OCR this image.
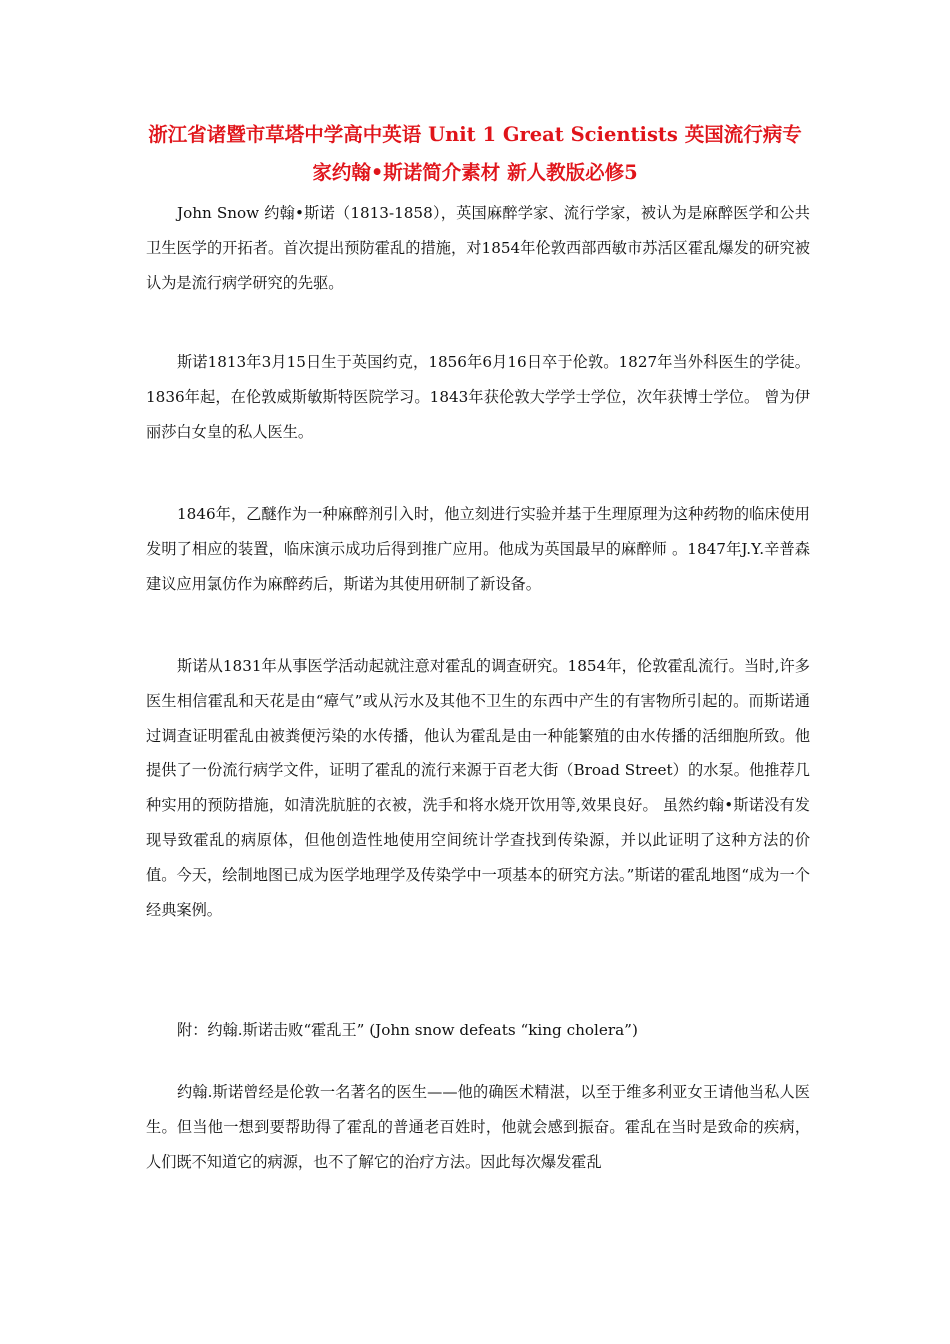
浙江省诸暨市草塔中学高中英语 Unit 1 Great Scientists 英国流行病专家约翰•斯诺简介素材 新人教版必修5

John Snow 约翰•斯诺（1813-1858），英国麻醉学家、流行学家，被认为是麻醉医学和公共卫生医学的开拓者。首次提出预防霍乱的措施，对1854年伦敦西部西敏市苏活区霍乱爆发的研究被认为是流行病学研究的先驱。

斯诺1813年3月15日生于英国约克，1856年6月16日卒于伦敦。1827年当外科医生的学徒。1836年起，在伦敦威斯敏斯特医院学习。1843年获伦敦大学学士学位，次年获博士学位。 曾为伊丽莎白女皇的私人医生。

1846年，乙醚作为一种麻醉剂引入时，他立刻进行实验并基于生理原理为这种药物的临床使用发明了相应的装置，临床演示成功后得到推广应用。他成为英国最早的麻醉师 。1847年J.Y.辛普森建议应用氯仿作为麻醉药后，斯诺为其使用研制了新设备。

斯诺从1831年从事医学活动起就注意对霍乱的调查研究。1854年，伦敦霍乱流行。当时,许多医生相信霍乱和天花是由“瘴气”或从污水及其他不卫生的东西中产生的有害物所引起的。而斯诺通过调查证明霍乱由被粪便污染的水传播，他认为霍乱是由一种能繁殖的由水传播的活细胞所致。他提供了一份流行病学文件，证明了霍乱的流行来源于百老大街（Broad Street）的水泵。他推荐几种实用的预防措施，如清洗肮脏的衣被，洗手和将水烧开饮用等,效果良好。 虽然约翰•斯诺没有发现导致霍乱的病原体，但他创造性地使用空间统计学查找到传染源，并以此证明了这种方法的价值。今天，绘制地图已成为医学地理学及传染学中一项基本的研究方法。”斯诺的霍乱地图“成为一个经典案例。

附：约翰.斯诺击败“霍乱王” (John snow defeats “king cholera”)

约翰.斯诺曾经是伦敦一名著名的医生——他的确医术精湛，以至于维多利亚女王请他当私人医生。但当他一想到要帮助得了霍乱的普通老百姓时，他就会感到振奋。霍乱在当时是致命的疾病，人们既不知道它的病源，也不了解它的治疗方法。因此每次爆发霍乱
